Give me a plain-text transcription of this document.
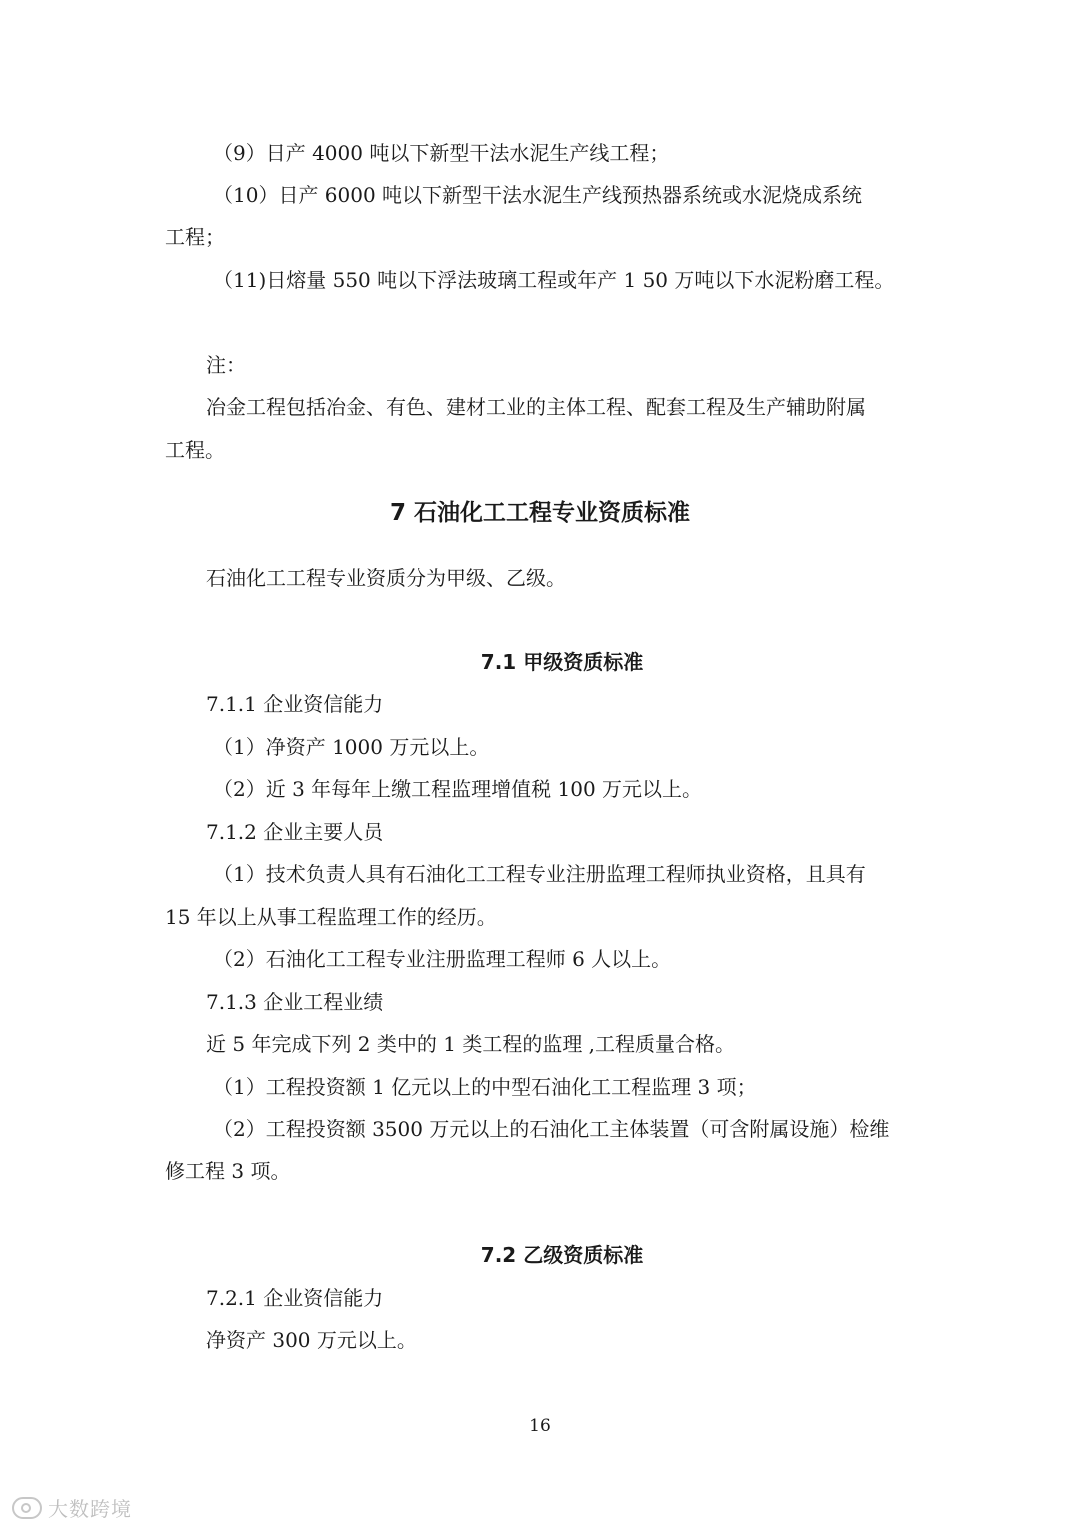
（9）日产 4000 吨以下新型干法水泥生产线工程；

（10）日产 6000 吨以下新型干法水泥生产线预热器系统或水泥烧成系统

工程；

（11)日熔量 550 吨以下浮法玻璃工程或年产 1 50 万吨以下水泥粉磨工程。

注：

冶金工程包括冶金、有色、建材工业的主体工程、配套工程及生产辅助附属

工程。

7 石油化工工程专业资质标准

石油化工工程专业资质分为甲级、乙级。

7.1 甲级资质标准

7.1.1 企业资信能力

（1）净资产 1000 万元以上。

（2）近 3 年每年上缴工程监理增值税 100 万元以上。

7.1.2 企业主要人员

（1）技术负责人具有石油化工工程专业注册监理工程师执业资格，且具有

15 年以上从事工程监理工作的经历。

（2）石油化工工程专业注册监理工程师 6 人以上。

7.1.3 企业工程业绩

近 5 年完成下列 2 类中的 1 类工程的监理 ,工程质量合格。

（1）工程投资额 1 亿元以上的中型石油化工工程监理 3 项；

（2）工程投资额 3500 万元以上的石油化工主体装置（可含附属设施）检维

修工程 3 项。

7.2 乙级资质标准

7.2.1 企业资信能力

净资产 300 万元以上。

16
大数跨境
